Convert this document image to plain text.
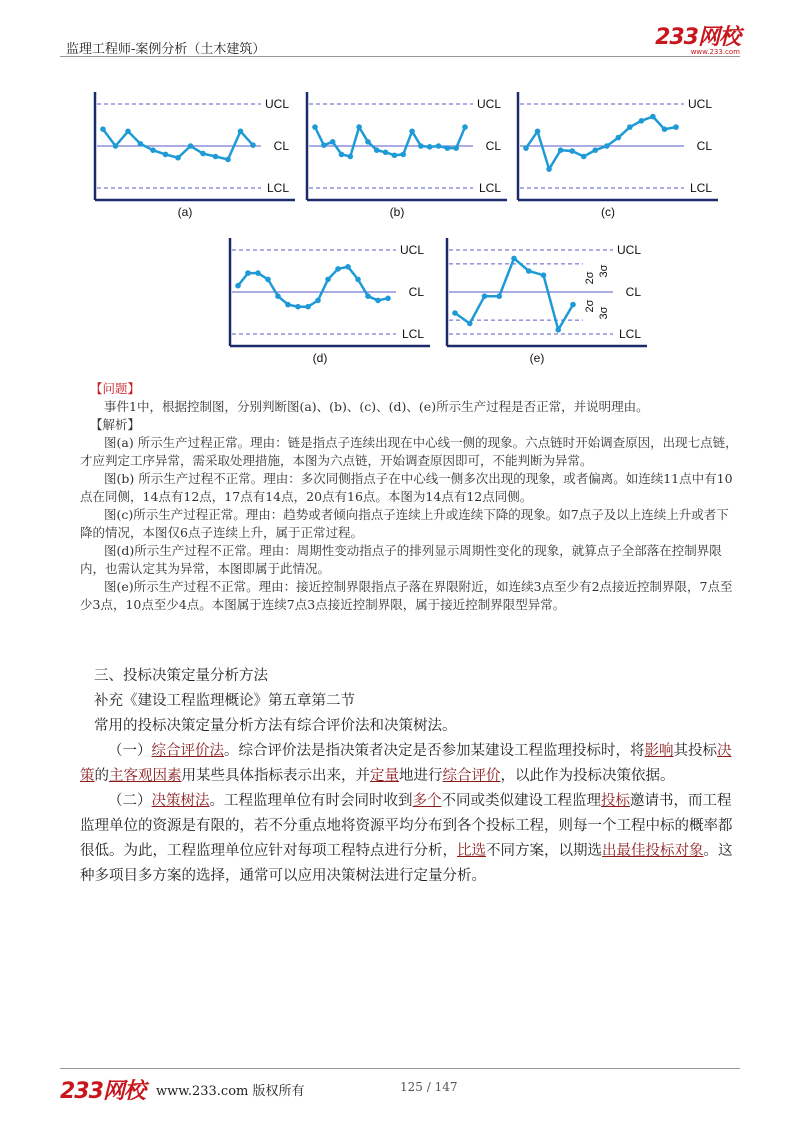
监理工程师-案例分析（土木建筑）	233网校
www.233.com
UCL
CL
LCL
(a)
UCL
CL
LCL
(b)
UCL
CL
LCL
(c)
UCL
CL
LCL
(d)
UCL
CL
LCL
2σ
2σ
3σ
3σ
(e)

【问题】

事件1中，根据控制图，分别判断图(a)、(b)、(c)、(d)、(e)所示生产过程是否正常，并说明理由。

【解析】

图(a) 所示生产过程正常。理由：链是指点子连续出现在中心线一侧的现象。六点链时开始调查原因，出现七点链，才应判定工序异常，需采取处理措施，本图为六点链，开始调查原因即可，不能判断为异常。

图(b) 所示生产过程不正常。理由：多次同侧指点子在中心线一侧多次出现的现象，或者偏离。如连续11点中有10点在同侧，14点有12点，17点有14点，20点有16点。本图为14点有12点同侧。

图(c)所示生产过程正常。理由：趋势或者倾向指点子连续上升或连续下降的现象。如7点子及以上连续上升或者下降的情况，本图仅6点子连续上升，属于正常过程。

图(d)所示生产过程不正常。理由：周期性变动指点子的排列显示周期性变化的现象，就算点子全部落在控制界限内，也需认定其为异常，本图即属于此情况。

图(e)所示生产过程不正常。理由：接近控制界限指点子落在界限附近，如连续3点至少有2点接近控制界限，7点至少3点，10点至少4点。本图属于连续7点3点接近控制界限，属于接近控制界限型异常。

三、投标决策定量分析方法

补充《建设工程监理概论》第五章第二节

常用的投标决策定量分析方法有综合评价法和决策树法。

（一）综合评价法。综合评价法是指决策者决定是否参加某建设工程监理投标时，将影响其投标决策的主客观因素用某些具体指标表示出来，并定量地进行综合评价，以此作为投标决策依据。

（二）决策树法。工程监理单位有时会同时收到多个不同或类似建设工程监理投标邀请书，而工程监理单位的资源是有限的，若不分重点地将资源平均分布到各个投标工程，则每一个工程中标的概率都很低。为此，工程监理单位应针对每项工程特点进行分析，比选不同方案，以期选出最佳投标对象。这种多项目多方案的选择，通常可以应用决策树法进行定量分析。

233网校 www.233.com 版权所有	125 / 147
